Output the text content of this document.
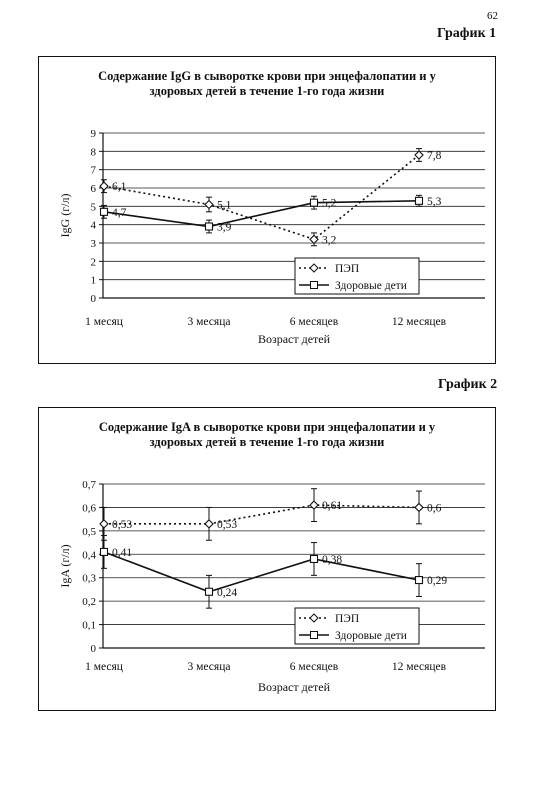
62
График 1
Содержание IgG в сыворотке крови при энцефалопатии и у
здоровых детей в течение 1-го года жизни
0
1
2
3
4
5
6
7
8
9
1 месяц	3 месяца	6 месяцев	12 месяцев
Возраст детей
IgG (г/л)
6,1
5,1
3,2
7,8
4,7
3,9
5,2	5,3
ПЭП
Здоровые дети
График 2
Содержание IgA в сыворотке крови при энцефалопатии и у
здоровых детей в течение 1-го года жизни
0
0,1
0,2
0,3
0,4
0,5
0,6
0,7
1 месяц	3 месяца	6 месяцев	12 месяцев
Возраст детей
IgA (г/л)
0,53	0,53
0,61	0,6
0,41
0,24
0,38
0,29
ПЭП
Здоровые дети
